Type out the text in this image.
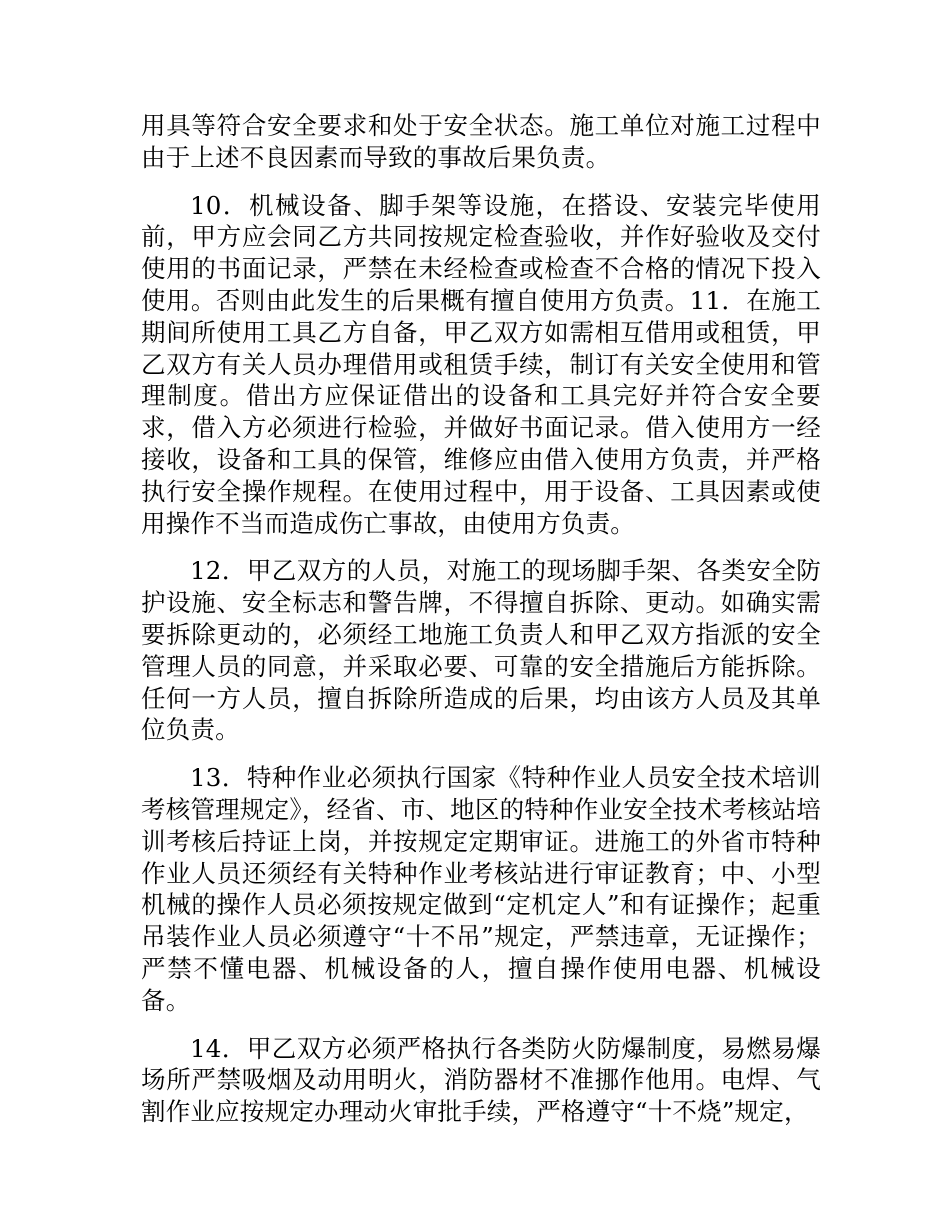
用具等符合安全要求和处于安全状态。施工单位对施工过程中由于上述不良因素而导致的事故后果负责。

10．机械设备、脚手架等设施，在搭设、安装完毕使用前，甲方应会同乙方共同按规定检查验收，并作好验收及交付使用的书面记录，严禁在未经检查或检查不合格的情况下投入使用。否则由此发生的后果概有擅自使用方负责。11．在施工期间所使用工具乙方自备，甲乙双方如需相互借用或租赁，甲乙双方有关人员办理借用或租赁手续，制订有关安全使用和管理制度。借出方应保证借出的设备和工具完好并符合安全要求，借入方必须进行检验，并做好书面记录。借入使用方一经接收，设备和工具的保管，维修应由借入使用方负责，并严格执行安全操作规程。在使用过程中，用于设备、工具因素或使用操作不当而造成伤亡事故，由使用方负责。

12．甲乙双方的人员，对施工的现场脚手架、各类安全防护设施、安全标志和警告牌，不得擅自拆除、更动。如确实需要拆除更动的，必须经工地施工负责人和甲乙双方指派的安全管理人员的同意，并采取必要、可靠的安全措施后方能拆除。任何一方人员，擅自拆除所造成的后果，均由该方人员及其单位负责。

13．特种作业必须执行国家《特种作业人员安全技术培训考核管理规定》，经省、市、地区的特种作业安全技术考核站培训考核后持证上岗，并按规定定期审证。进施工的外省市特种作业人员还须经有关特种作业考核站进行审证教育；中、小型机械的操作人员必须按规定做到“定机定人”和有证操作；起重吊装作业人员必须遵守“十不吊”规定，严禁违章，无证操作；严禁不懂电器、机械设备的人，擅自操作使用电器、机械设备。

14．甲乙双方必须严格执行各类防火防爆制度，易燃易爆场所严禁吸烟及动用明火，消防器材不准挪作他用。电焊、气割作业应按规定办理动火审批手续，严格遵守“十不烧”规定，
